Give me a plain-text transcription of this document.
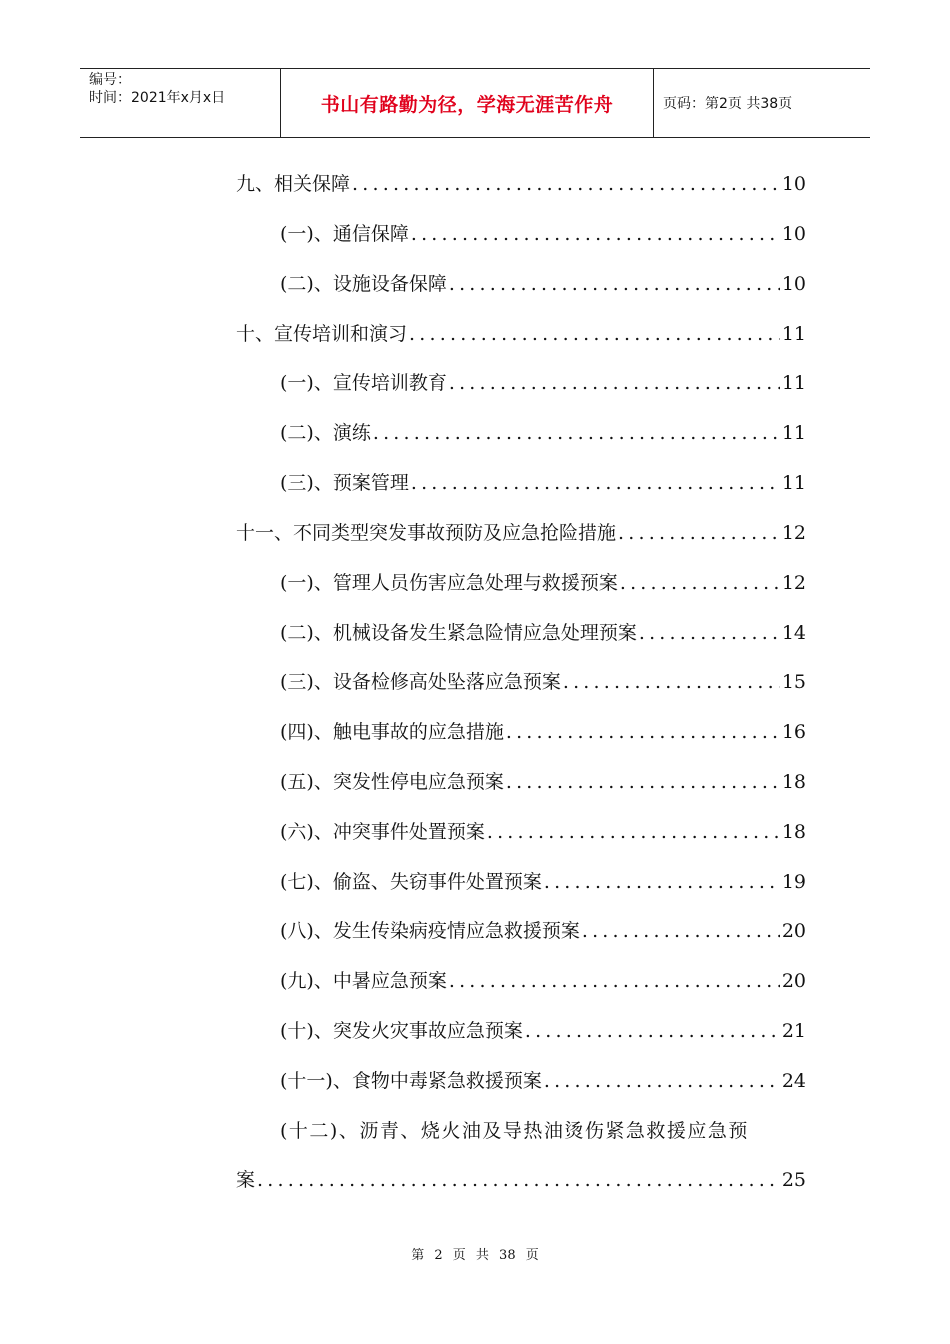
编号：
时间：2021年x月x日	书山有路勤为径，学海无涯苦作舟	页码：第2页 共38页
九、相关保障 .....	10
(一)、通信保障 .....	10
(二)、设施设备保障 .....	10
十、宣传培训和演习 .....	11
(一)、宣传培训教育 .....	11
(二)、演练 .....	11
(三)、预案管理 .....	11
十一、不同类型突发事故预防及应急抢险措施 .....	12
(一)、管理人员伤害应急处理与救援预案 .....	12
(二)、机械设备发生紧急险情应急处理预案 .....	14
(三)、设备检修高处坠落应急预案 .....	15
(四)、触电事故的应急措施 .....	16
(五)、突发性停电应急预案 .....	18
(六)、冲突事件处置预案 .....	18
(七)、偷盗、失窃事件处置预案 .....	19
(八)、发生传染病疫情应急救援预案 .....	20
(九)、中暑应急预案 .....	20
(十)、突发火灾事故应急预案 .....	21
(十一)、食物中毒紧急救援预案 .....	24
(十二)、沥青、烧火油及导热油烫伤紧急救援应急预
案 .....	25
第 2 页 共 38 页
